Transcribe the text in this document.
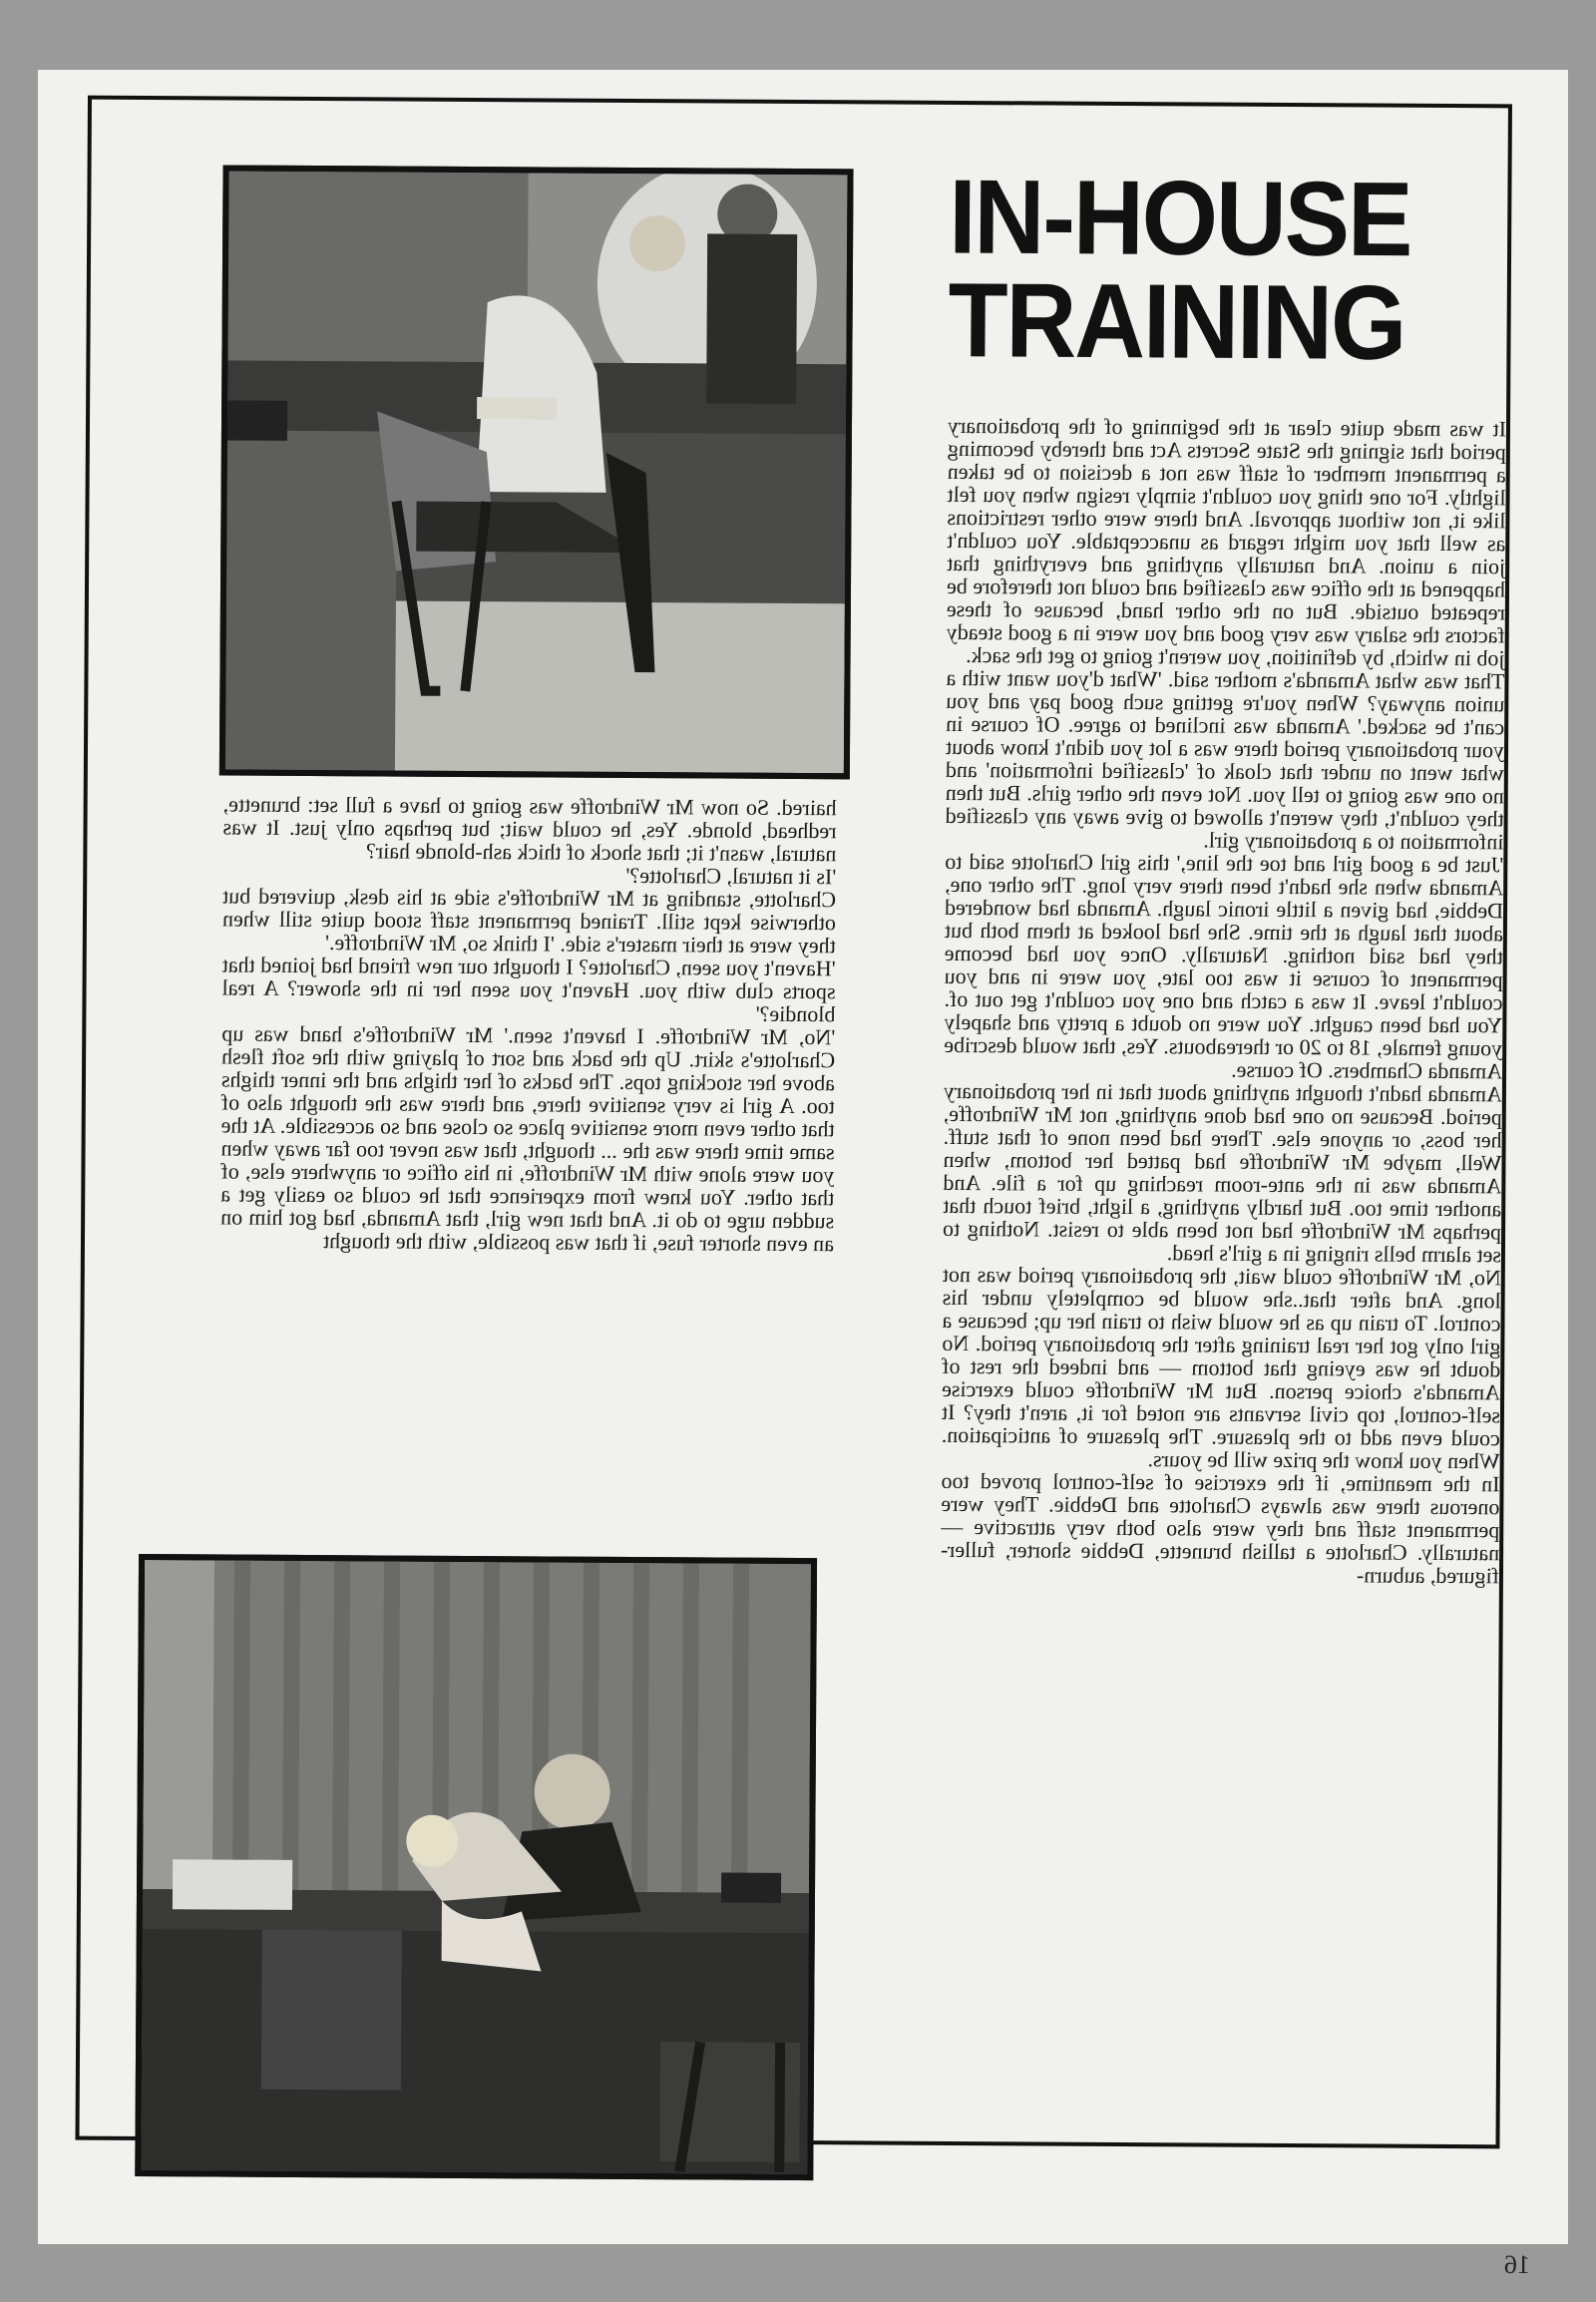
IN-HOUSE
TRAINING

It was made quite clear at the beginning of the probationary period that signing the State Secrets Act and thereby becoming a permanent member of staff was not a decision to be taken lightly. For one thing you couldn't simply resign when you felt like it, not without approval. And there were other restrictions as well that you might regard as unacceptable. You couldn't join a union. And naturally anything and everything that happened at the office was classified and could not therefore be repeated outside. But on the other hand, because of these factors the salary was very good and you were in a good steady job in which, by definition, you weren't going to get the sack.

That was what Amanda's mother said. 'What d'you want with a union anyway? When you're getting such good pay and you can't be sacked.' Amanda was inclined to agree. Of course in your probationary period there was a lot you didn't know about what went on under that cloak of 'classified information' and no one was going to tell you. Not even the other girls. But then they couldn't, they weren't allowed to give away any classified information to a probationary girl.

'Just be a good girl and toe the line,' this girl Charlotte said to Amanda when she hadn't been there very long. The other one, Debbie, had given a little ironic laugh. Amanda had wondered about that laugh at the time. She had looked at them both but they had said nothing. Naturally. Once you had become permanent of course it was too late, you were in and you couldn't leave. It was a catch and one you couldn't get out of. You had been caught. You were no doubt a pretty and shapely young female, 18 to 20 or thereabouts. Yes, that would describe Amanda Chambers. Of course.

Amanda hadn't thought anything about that in her probationary period. Because no one had done anything, not Mr Windroffe, her boss, or anyone else. There had been none of that stuff. Well, maybe Mr Windroffe had patted her bottom, when Amanda was in the ante-room reaching up for a file. And another time too. But hardly anything, a light, brief touch that perhaps Mr Windroffe had not been able to resist. Nothing to set alarm bells ringing in a girl's head.

No, Mr Windroffe could wait, the probationary period was not long. And after that..she would be completely under his control. To train up as he would wish to train her up; because a girl only got her real training after the probationary period. No doubt he was eyeing that bottom — and indeed the rest of Amanda's choice person. But Mr Windroffe could exercise self-control, top civil servants are noted for it, aren't they? It could even add to the pleasure. The pleasure of anticipation. When you know the prize will be yours.

In the meantime, if the exercise of self-control proved too onerous there was always Charlotte and Debbie. They were permanent staff and they were also both very attractive — naturally. Charlotte a tallish brunette, Debbie shorter, fuller-figured, auburn-

haired. So now Mr Windroffe was going to have a full set: brunette, redhead, blonde. Yes, he could wait; but perhaps only just. It was natural, wasn't it; that shock of thick ash-blonde hair?

'Is it natural, Charlotte?'

Charlotte, standing at Mr Windroffe's side at his desk, quivered but otherwise kept still. Trained permanent staff stood quite still when they were at their master's side. 'I think so, Mr Windroffe.'

'Haven't you seen, Charlotte? I thought our new friend had joined that sports club with you. Haven't you seen her in the shower? A real blondie?'

'No, Mr Windroffe. I haven't seen.' Mr Windroffe's hand was up Charlotte's skirt. Up the back and sort of playing with the soft flesh above her stocking tops. The backs of her thighs and the inner thighs too. A girl is very sensitive there, and there was the thought also of that other even more sensitive place so close and so accessible. At the same time there was the ... thought, that was never too far away when you were alone with Mr Windroffe, in his office or anywhere else, of that other. You knew from experience that he could so easily get a sudden urge to do it. And that new girl, that Amanda, had got him on an even shorter fuse, if that was possible, with the thought

16
